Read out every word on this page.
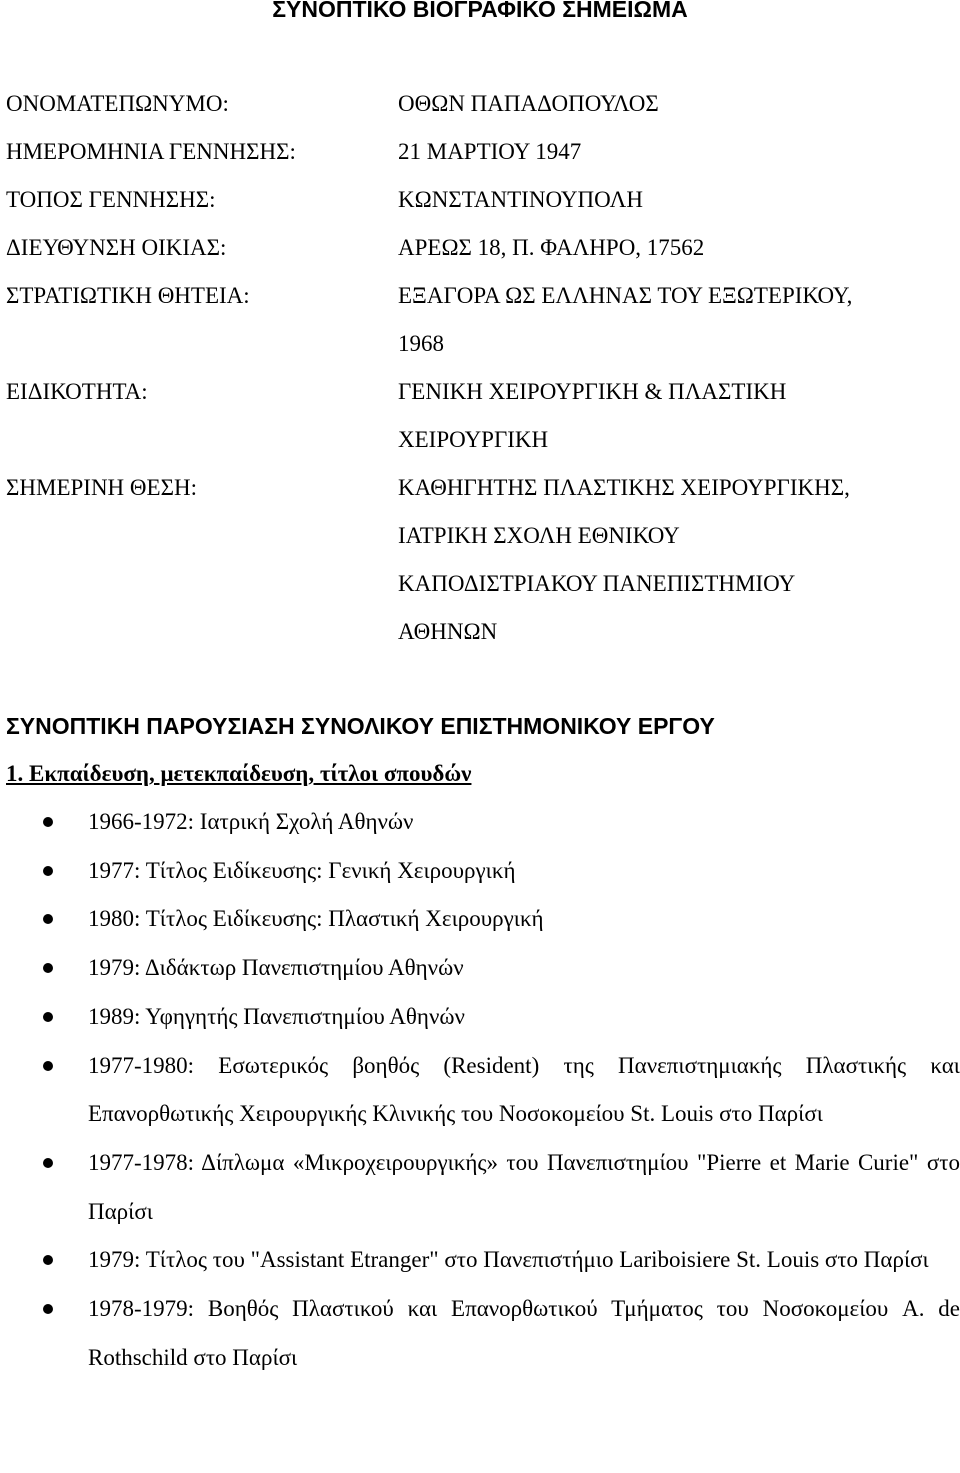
ΣΥΝΟΠΤΙΚΟ ΒΙΟΓΡΑΦΙΚΟ ΣΗΜΕΙΩΜΑ
ΟΝΟΜΑΤΕΠΩΝΥΜΟ:	ΟΘΩΝ ΠΑΠΑΔΟΠΟΥΛΟΣ
ΗΜΕΡΟΜΗΝΙΑ ΓΕΝΝΗΣΗΣ:	21 ΜΑΡΤΙΟΥ 1947
ΤΟΠΟΣ ΓΕΝΝΗΣΗΣ:	ΚΩΝΣΤΑΝΤΙΝΟΥΠΟΛΗ
ΔΙΕΥΘΥΝΣΗ ΟΙΚΙΑΣ:	ΑΡΕΩΣ 18, Π. ΦΑΛΗΡΟ, 17562
ΣΤΡΑΤΙΩΤΙΚΗ ΘΗΤΕΙΑ:	ΕΞΑΓΟΡΑ ΩΣ ΕΛΛΗΝΑΣ ΤΟΥ ΕΞΩΤΕΡΙΚΟΥ,
1968
ΕΙΔΙΚΟΤΗΤΑ:	ΓΕΝΙΚΗ ΧΕΙΡΟΥΡΓΙΚΗ & ΠΛΑΣΤΙΚΗ
ΧΕΙΡΟΥΡΓΙΚΗ
ΣΗΜΕΡΙΝΗ ΘΕΣΗ:	ΚΑΘΗΓΗΤΗΣ ΠΛΑΣΤΙΚΗΣ ΧΕΙΡΟΥΡΓΙΚΗΣ,
ΙΑΤΡΙΚΗ ΣΧΟΛΗ ΕΘΝΙΚΟΥ
ΚΑΠΟΔΙΣΤΡΙΑΚΟΥ ΠΑΝΕΠΙΣΤΗΜΙΟΥ
ΑΘΗΝΩΝ
ΣΥΝΟΠΤΙΚΗ ΠΑΡΟΥΣΙΑΣΗ ΣΥΝΟΛΙΚΟΥ ΕΠΙΣΤΗΜΟΝΙΚΟΥ ΕΡΓΟΥ
1. Εκπαίδευση, μετεκπαίδευση, τίτλοι σπουδών
1966-1972: Ιατρική Σχολή Αθηνών
1977: Τίτλος Ειδίκευσης: Γενική Χειρουργική
1980: Τίτλος Ειδίκευσης: Πλαστική Χειρουργική
1979: Διδάκτωρ Πανεπιστημίου Αθηνών
1989: Υφηγητής Πανεπιστημίου Αθηνών
1977-1980: Εσωτερικός βοηθός (Resident) της Πανεπιστημιακής Πλαστικής και Επανορθωτικής Χειρουργικής Κλινικής του Νοσοκομείου St. Louis στο Παρίσι
1977-1978: Δίπλωμα «Μικροχειρουργικής» του Πανεπιστημίου "Pierre et Marie Curie" στο Παρίσι
1979: Τίτλος του "Assistant Etranger" στο Πανεπιστήμιο Lariboisiere St. Louis στο Παρίσι
1978-1979: Βοηθός Πλαστικού και Επανορθωτικού Τμήματος του Νοσοκομείου A. de Rothschild στο Παρίσι
